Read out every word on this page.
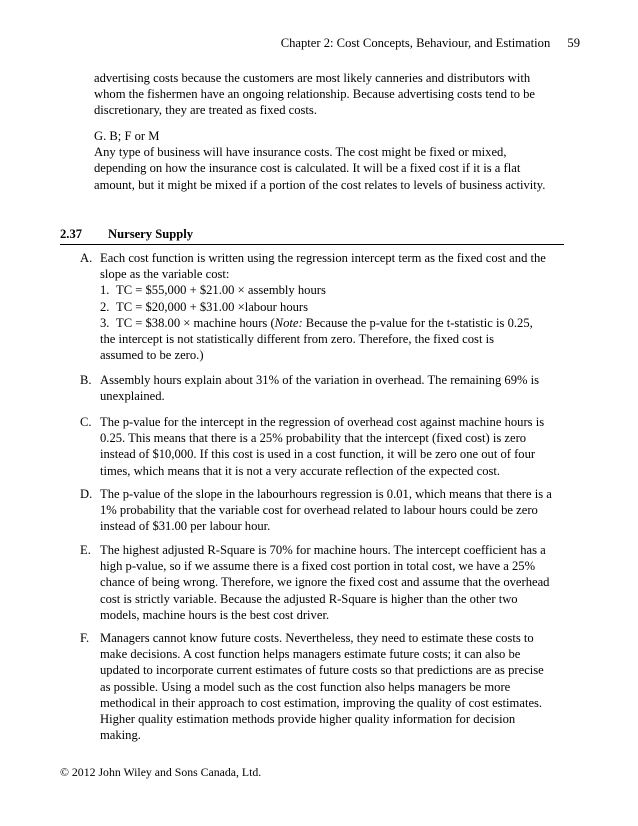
Chapter 2: Cost Concepts, Behaviour, and Estimation 59

advertising costs because the customers are most likely canneries and distributors with

whom the fishermen have an ongoing relationship. Because advertising costs tend to be

discretionary, they are treated as fixed costs.

G. B; F or M

Any type of business will have insurance costs. The cost might be fixed or mixed,

depending on how the insurance cost is calculated. It will be a fixed cost if it is a flat

amount, but it might be mixed if a portion of the cost relates to levels of business activity.

2.37 Nursery Supply
A. Each cost function is written using the regression intercept term as the fixed cost and the

slope as the variable cost:

1. TC = $55,000 + $21.00 × assembly hours

2. TC = $20,000 + $31.00 ×labour hours

3. TC = $38.00 × machine hours (Note: Because the p-value for the t-statistic is 0.25,

the intercept is not statistically different from zero. Therefore, the fixed cost is

assumed to be zero.)

B. Assembly hours explain about 31% of the variation in overhead. The remaining 69% is

unexplained.

C. The p-value for the intercept in the regression of overhead cost against machine hours is

0.25. This means that there is a 25% probability that the intercept (fixed cost) is zero

instead of $10,000. If this cost is used in a cost function, it will be zero one out of four

times, which means that it is not a very accurate reflection of the expected cost.

D. The p-value of the slope in the labourhours regression is 0.01, which means that there is a

1% probability that the variable cost for overhead related to labour hours could be zero

instead of $31.00 per labour hour.

E. The highest adjusted R-Square is 70% for machine hours. The intercept coefficient has a

high p-value, so if we assume there is a fixed cost portion in total cost, we have a 25%

chance of being wrong. Therefore, we ignore the fixed cost and assume that the overhead

cost is strictly variable. Because the adjusted R-Square is higher than the other two

models, machine hours is the best cost driver.

F. Managers cannot know future costs. Nevertheless, they need to estimate these costs to

make decisions. A cost function helps managers estimate future costs; it can also be

updated to incorporate current estimates of future costs so that predictions are as precise

as possible. Using a model such as the cost function also helps managers be more

methodical in their approach to cost estimation, improving the quality of cost estimates.

Higher quality estimation methods provide higher quality information for decision

making.

© 2012 John Wiley and Sons Canada, Ltd.
